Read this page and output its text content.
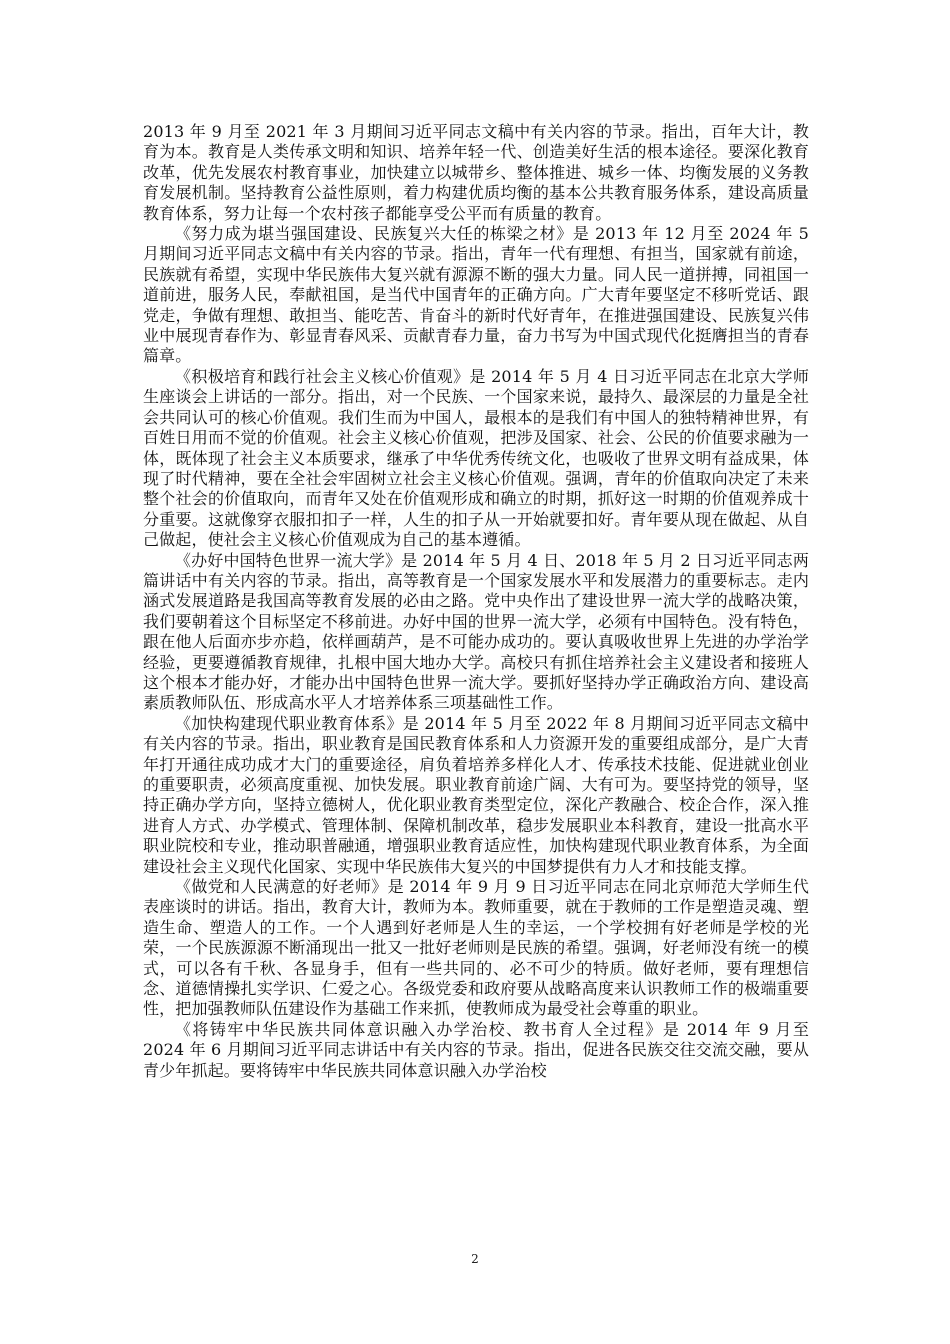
2013 年 9 月至 2021 年 3 月期间习近平同志文稿中有关内容的节录。指出，百年大计，教育为本。教育是人类传承文明和知识、培养年轻一代、创造美好生活的根本途径。要深化教育改革，优先发展农村教育事业，加快建立以城带乡、整体推进、城乡一体、均衡发展的义务教育发展机制。坚持教育公益性原则，着力构建优质均衡的基本公共教育服务体系，建设高质量教育体系，努力让每一个农村孩子都能享受公平而有质量的教育。

《努力成为堪当强国建设、民族复兴大任的栋梁之材》是 2013 年 12 月至 2024 年 5 月期间习近平同志文稿中有关内容的节录。指出，青年一代有理想、有担当，国家就有前途，民族就有希望，实现中华民族伟大复兴就有源源不断的强大力量。同人民一道拼搏，同祖国一道前进，服务人民，奉献祖国，是当代中国青年的正确方向。广大青年要坚定不移听党话、跟党走，争做有理想、敢担当、能吃苦、肯奋斗的新时代好青年，在推进强国建设、民族复兴伟业中展现青春作为、彰显青春风采、贡献青春力量，奋力书写为中国式现代化挺膺担当的青春篇章。

《积极培育和践行社会主义核心价值观》是 2014 年 5 月 4 日习近平同志在北京大学师生座谈会上讲话的一部分。指出，对一个民族、一个国家来说，最持久、最深层的力量是全社会共同认可的核心价值观。我们生而为中国人，最根本的是我们有中国人的独特精神世界，有百姓日用而不觉的价值观。社会主义核心价值观，把涉及国家、社会、公民的价值要求融为一体，既体现了社会主义本质要求，继承了中华优秀传统文化，也吸收了世界文明有益成果，体现了时代精神，要在全社会牢固树立社会主义核心价值观。强调，青年的价值取向决定了未来整个社会的价值取向，而青年又处在价值观形成和确立的时期，抓好这一时期的价值观养成十分重要。这就像穿衣服扣扣子一样，人生的扣子从一开始就要扣好。青年要从现在做起、从自己做起，使社会主义核心价值观成为自己的基本遵循。

《办好中国特色世界一流大学》是 2014 年 5 月 4 日、2018 年 5 月 2 日习近平同志两篇讲话中有关内容的节录。指出，高等教育是一个国家发展水平和发展潜力的重要标志。走内涵式发展道路是我国高等教育发展的必由之路。党中央作出了建设世界一流大学的战略决策，我们要朝着这个目标坚定不移前进。办好中国的世界一流大学，必须有中国特色。没有特色，跟在他人后面亦步亦趋，依样画葫芦，是不可能办成功的。要认真吸收世界上先进的办学治学经验，更要遵循教育规律，扎根中国大地办大学。高校只有抓住培养社会主义建设者和接班人这个根本才能办好，才能办出中国特色世界一流大学。要抓好坚持办学正确政治方向、建设高素质教师队伍、形成高水平人才培养体系三项基础性工作。

《加快构建现代职业教育体系》是 2014 年 5 月至 2022 年 8 月期间习近平同志文稿中有关内容的节录。指出，职业教育是国民教育体系和人力资源开发的重要组成部分，是广大青年打开通往成功成才大门的重要途径，肩负着培养多样化人才、传承技术技能、促进就业创业的重要职责，必须高度重视、加快发展。职业教育前途广阔、大有可为。要坚持党的领导，坚持正确办学方向，坚持立德树人，优化职业教育类型定位，深化产教融合、校企合作，深入推进育人方式、办学模式、管理体制、保障机制改革，稳步发展职业本科教育，建设一批高水平职业院校和专业，推动职普融通，增强职业教育适应性，加快构建现代职业教育体系，为全面建设社会主义现代化国家、实现中华民族伟大复兴的中国梦提供有力人才和技能支撑。

《做党和人民满意的好老师》是 2014 年 9 月 9 日习近平同志在同北京师范大学师生代表座谈时的讲话。指出，教育大计，教师为本。教师重要，就在于教师的工作是塑造灵魂、塑造生命、塑造人的工作。一个人遇到好老师是人生的幸运，一个学校拥有好老师是学校的光荣，一个民族源源不断涌现出一批又一批好老师则是民族的希望。强调，好老师没有统一的模式，可以各有千秋、各显身手，但有一些共同的、必不可少的特质。做好老师，要有理想信念、道德情操扎实学识、仁爱之心。各级党委和政府要从战略高度来认识教师工作的极端重要性，把加强教师队伍建设作为基础工作来抓，使教师成为最受社会尊重的职业。

《将铸牢中华民族共同体意识融入办学治校、教书育人全过程》是 2014 年 9 月至 2024 年 6 月期间习近平同志讲话中有关内容的节录。指出，促进各民族交往交流交融，要从青少年抓起。要将铸牢中华民族共同体意识融入办学治校

2
